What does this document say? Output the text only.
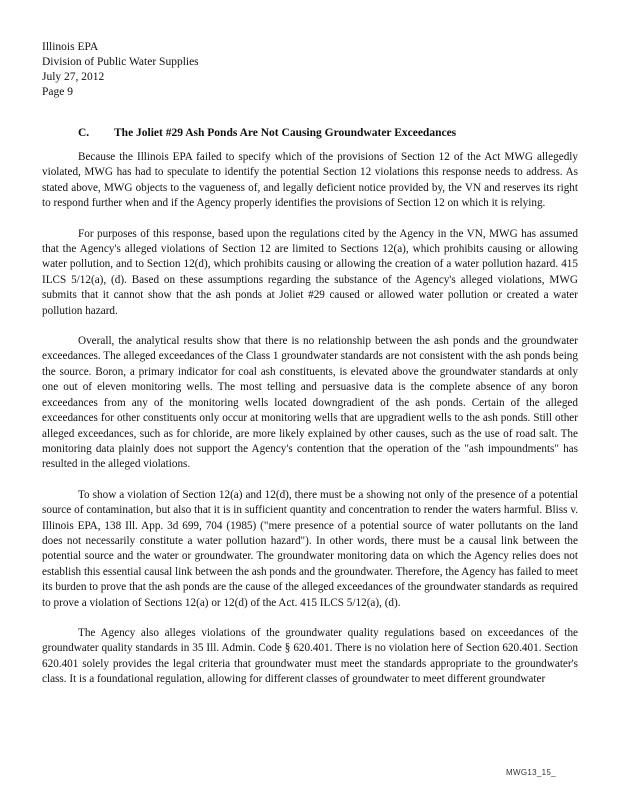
Illinois EPA
Division of Public Water Supplies
July 27, 2012
Page 9
C. The Joliet #29 Ash Ponds Are Not Causing Groundwater Exceedances

Because the Illinois EPA failed to specify which of the provisions of Section 12 of the Act MWG allegedly violated, MWG has had to speculate to identify the potential Section 12 violations this response needs to address. As stated above, MWG objects to the vagueness of, and legally deficient notice provided by, the VN and reserves its right to respond further when and if the Agency properly identifies the provisions of Section 12 on which it is relying.

For purposes of this response, based upon the regulations cited by the Agency in the VN, MWG has assumed that the Agency's alleged violations of Section 12 are limited to Sections 12(a), which prohibits causing or allowing water pollution, and to Section 12(d), which prohibits causing or allowing the creation of a water pollution hazard. 415 ILCS 5/12(a), (d). Based on these assumptions regarding the substance of the Agency's alleged violations, MWG submits that it cannot show that the ash ponds at Joliet #29 caused or allowed water pollution or created a water pollution hazard.

Overall, the analytical results show that there is no relationship between the ash ponds and the groundwater exceedances. The alleged exceedances of the Class 1 groundwater standards are not consistent with the ash ponds being the source. Boron, a primary indicator for coal ash constituents, is elevated above the groundwater standards at only one out of eleven monitoring wells. The most telling and persuasive data is the complete absence of any boron exceedances from any of the monitoring wells located downgradient of the ash ponds. Certain of the alleged exceedances for other constituents only occur at monitoring wells that are upgradient wells to the ash ponds. Still other alleged exceedances, such as for chloride, are more likely explained by other causes, such as the use of road salt. The monitoring data plainly does not support the Agency's contention that the operation of the "ash impoundments" has resulted in the alleged violations.

To show a violation of Section 12(a) and 12(d), there must be a showing not only of the presence of a potential source of contamination, but also that it is in sufficient quantity and concentration to render the waters harmful. Bliss v. Illinois EPA, 138 Ill. App. 3d 699, 704 (1985) ("mere presence of a potential source of water pollutants on the land does not necessarily constitute a water pollution hazard"). In other words, there must be a causal link between the potential source and the water or groundwater. The groundwater monitoring data on which the Agency relies does not establish this essential causal link between the ash ponds and the groundwater. Therefore, the Agency has failed to meet its burden to prove that the ash ponds are the cause of the alleged exceedances of the groundwater standards as required to prove a violation of Sections 12(a) or 12(d) of the Act. 415 ILCS 5/12(a), (d).

The Agency also alleges violations of the groundwater quality regulations based on exceedances of the groundwater quality standards in 35 Ill. Admin. Code § 620.401. There is no violation here of Section 620.401. Section 620.401 solely provides the legal criteria that groundwater must meet the standards appropriate to the groundwater's class. It is a foundational regulation, allowing for different classes of groundwater to meet different groundwater

MWG13_15_
